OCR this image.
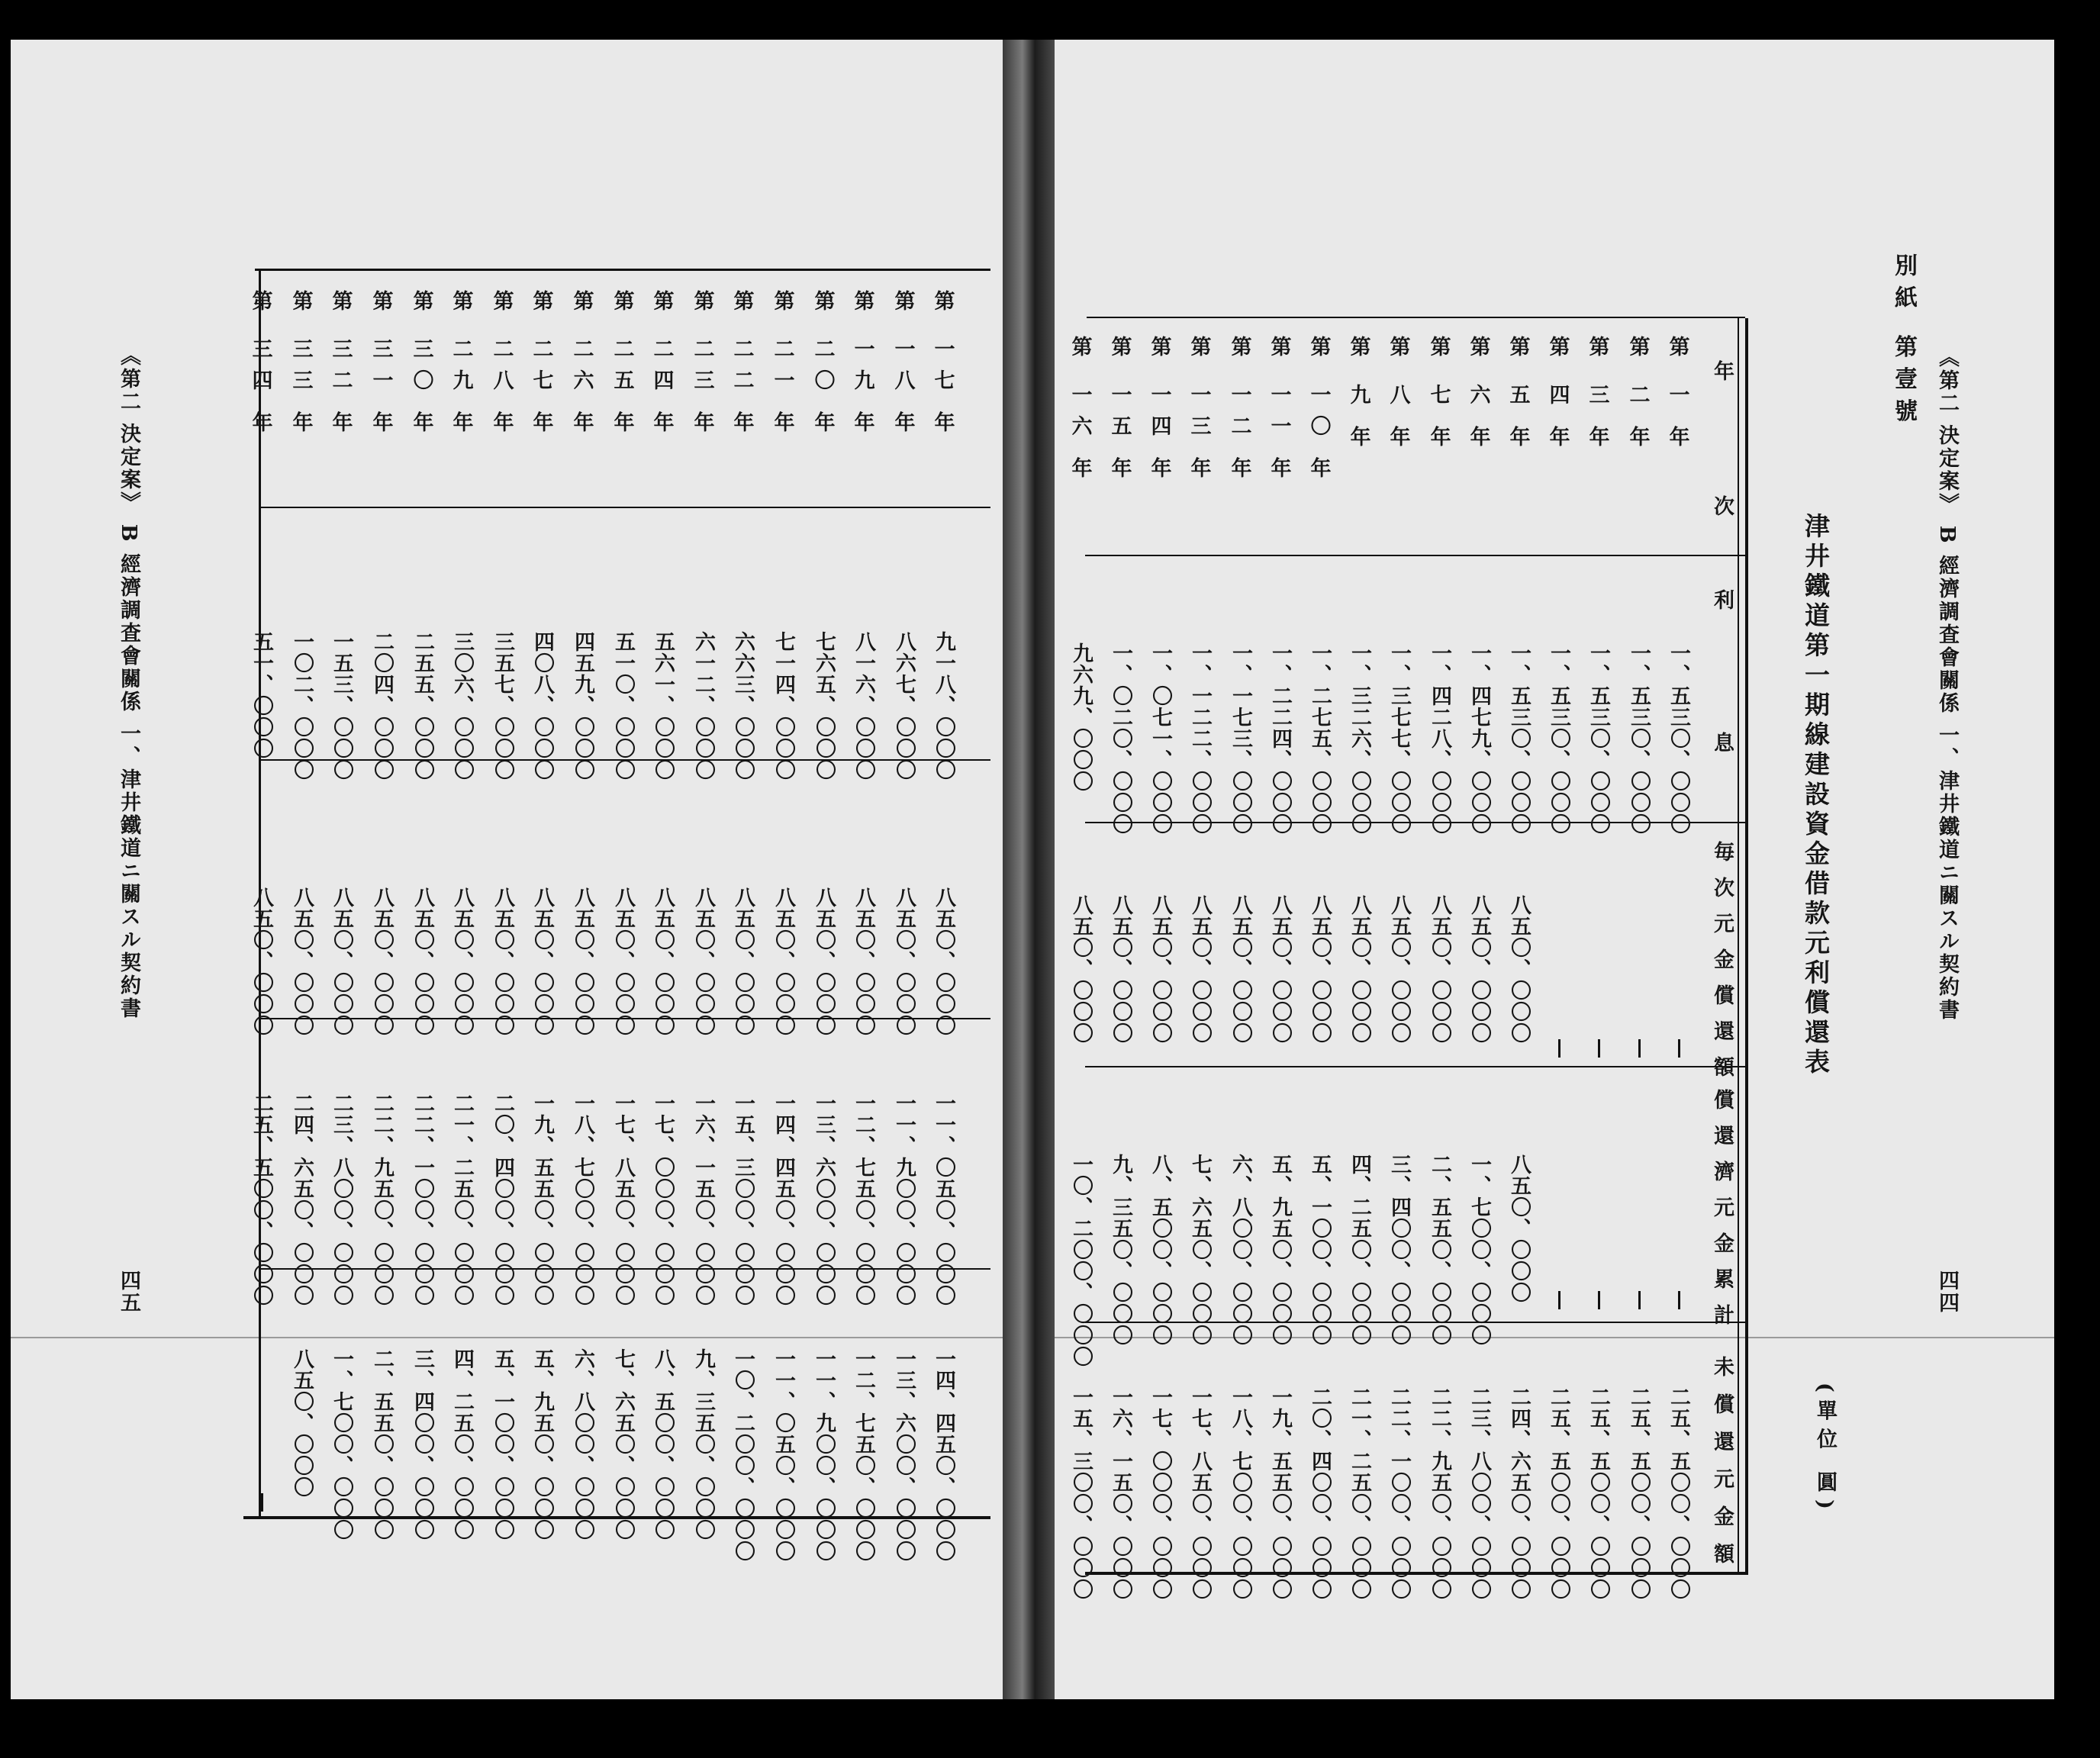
《第二 決定案》 B 經濟調査會關係 一、津井鐵道ニ關スル契約書
四五
第
一
七
年
九一八、〇〇〇
八五〇、〇〇〇
一一、〇五〇、〇〇〇
一四、四五〇、〇〇〇
第
一
八
年
八六七、〇〇〇
八五〇、〇〇〇
一一、九〇〇、〇〇〇
一三、六〇〇、〇〇〇
第
一
九
年
八一六、〇〇〇
八五〇、〇〇〇
一二、七五〇、〇〇〇
一二、七五〇、〇〇〇
第
二
〇
年
七六五、〇〇〇
八五〇、〇〇〇
一三、六〇〇、〇〇〇
一一、九〇〇、〇〇〇
第
二
一
年
七一四、〇〇〇
八五〇、〇〇〇
一四、四五〇、〇〇〇
一一、〇五〇、〇〇〇
第
二
二
年
六六三、〇〇〇
八五〇、〇〇〇
一五、三〇〇、〇〇〇
一〇、二〇〇、〇〇〇
第
二
三
年
六一二、〇〇〇
八五〇、〇〇〇
一六、一五〇、〇〇〇
九、三五〇、〇〇〇
第
二
四
年
五六一、〇〇〇
八五〇、〇〇〇
一七、〇〇〇、〇〇〇
八、五〇〇、〇〇〇
第
二
五
年
五一〇、〇〇〇
八五〇、〇〇〇
一七、八五〇、〇〇〇
七、六五〇、〇〇〇
第
二
六
年
四五九、〇〇〇
八五〇、〇〇〇
一八、七〇〇、〇〇〇
六、八〇〇、〇〇〇
第
二
七
年
四〇八、〇〇〇
八五〇、〇〇〇
一九、五五〇、〇〇〇
五、九五〇、〇〇〇
第
二
八
年
三五七、〇〇〇
八五〇、〇〇〇
二〇、四〇〇、〇〇〇
五、一〇〇、〇〇〇
第
二
九
年
三〇六、〇〇〇
八五〇、〇〇〇
二一、二五〇、〇〇〇
四、二五〇、〇〇〇
第
三
〇
年
二五五、〇〇〇
八五〇、〇〇〇
二二、一〇〇、〇〇〇
三、四〇〇、〇〇〇
第
三
一
年
二〇四、〇〇〇
八五〇、〇〇〇
二二、九五〇、〇〇〇
二、五五〇、〇〇〇
第
三
二
年
一五三、〇〇〇
八五〇、〇〇〇
二三、八〇〇、〇〇〇
一、七〇〇、〇〇〇
第
三
三
年
一〇二、〇〇〇
八五〇、〇〇〇
二四、六五〇、〇〇〇
八五〇、〇〇〇
第
三
四
年
五一、〇〇〇
八五〇、〇〇〇
二五、五〇〇、〇〇〇
別紙 第壹號
《第二 決定案》 B 經濟調査會關係 一、津井鐵道ニ關スル契約書
四四
津井鐵道第一期線建設資金借款元利償還表
(單位 圓)
年次
利息
毎次元金償還額
償還濟元金累計
未償還元金額
第
一
年
一、五三〇、〇〇〇
二五、五〇〇、〇〇〇
第
二
年
一、五三〇、〇〇〇
二五、五〇〇、〇〇〇
第
三
年
一、五三〇、〇〇〇
二五、五〇〇、〇〇〇
第
四
年
一、五三〇、〇〇〇
二五、五〇〇、〇〇〇
第
五
年
一、五三〇、〇〇〇
八五〇、〇〇〇
八五〇、〇〇〇
二四、六五〇、〇〇〇
第
六
年
一、四七九、〇〇〇
八五〇、〇〇〇
一、七〇〇、〇〇〇
二三、八〇〇、〇〇〇
第
七
年
一、四二八、〇〇〇
八五〇、〇〇〇
二、五五〇、〇〇〇
二二、九五〇、〇〇〇
第
八
年
一、三七七、〇〇〇
八五〇、〇〇〇
三、四〇〇、〇〇〇
二二、一〇〇、〇〇〇
第
九
年
一、三二六、〇〇〇
八五〇、〇〇〇
四、二五〇、〇〇〇
二一、二五〇、〇〇〇
第
一
〇
年
一、二七五、〇〇〇
八五〇、〇〇〇
五、一〇〇、〇〇〇
二〇、四〇〇、〇〇〇
第
一
一
年
一、二二四、〇〇〇
八五〇、〇〇〇
五、九五〇、〇〇〇
一九、五五〇、〇〇〇
第
一
二
年
一、一七三、〇〇〇
八五〇、〇〇〇
六、八〇〇、〇〇〇
一八、七〇〇、〇〇〇
第
一
三
年
一、一二二、〇〇〇
八五〇、〇〇〇
七、六五〇、〇〇〇
一七、八五〇、〇〇〇
第
一
四
年
一、〇七一、〇〇〇
八五〇、〇〇〇
八、五〇〇、〇〇〇
一七、〇〇〇、〇〇〇
第
一
五
年
一、〇二〇、〇〇〇
八五〇、〇〇〇
九、三五〇、〇〇〇
一六、一五〇、〇〇〇
第
一
六
年
九六九、〇〇〇
八五〇、〇〇〇
一〇、二〇〇、〇〇〇
一五、三〇〇、〇〇〇
